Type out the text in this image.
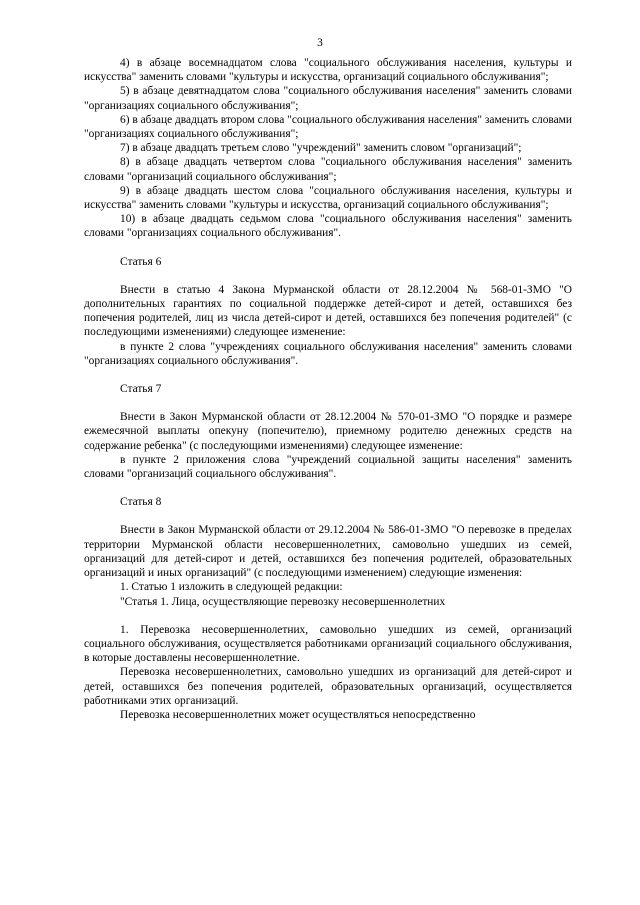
3
4) в абзаце восемнадцатом слова "социального обслуживания населения, культуры и искусства" заменить словами "культуры и искусства, организаций социального обслуживания";
5) в абзаце девятнадцатом слова "социального обслуживания населения" заменить словами "организациях социального обслуживания";
6) в абзаце двадцать втором слова "социального обслуживания населения" заменить словами "организациях социального обслуживания";
7) в абзаце двадцать третьем слово "учреждений" заменить словом "организаций";
8) в абзаце двадцать четвертом слова "социального обслуживания населения" заменить словами "организаций социального обслуживания";
9) в абзаце двадцать шестом слова "социального обслуживания населения, культуры и искусства" заменить словами "культуры и искусства, организаций социального обслуживания";
10) в абзаце двадцать седьмом слова "социального обслуживания населения" заменить словами "организациях социального обслуживания".
Статья 6
Внести в статью 4 Закона Мурманской области от 28.12.2004 № 568-01-ЗМО "О дополнительных гарантиях по социальной поддержке детей-сирот и детей, оставшихся без попечения родителей, лиц из числа детей-сирот и детей, оставшихся без попечения родителей" (с последующими изменениями) следующее изменение:
в пункте 2 слова "учреждениях социального обслуживания населения" заменить словами "организациях социального обслуживания".
Статья 7
Внести в Закон Мурманской области от 28.12.2004 № 570-01-ЗМО "О порядке и размере ежемесячной выплаты опекуну (попечителю), приемному родителю денежных средств на содержание ребенка" (с последующими изменениями) следующее изменение:
в пункте 2 приложения слова "учреждений социальной защиты населения" заменить словами "организаций социального обслуживания".
Статья 8
Внести в Закон Мурманской области от 29.12.2004 № 586-01-ЗМО "О перевозке в пределах территории Мурманской области несовершеннолетних, самовольно ушедших из семей, организаций для детей-сирот и детей, оставшихся без попечения родителей, образовательных организаций и иных организаций" (с последующими изменением) следующие изменения:
1. Статью 1 изложить в следующей редакции:
"Статья 1. Лица, осуществляющие перевозку несовершеннолетних
1. Перевозка несовершеннолетних, самовольно ушедших из семей, организаций социального обслуживания, осуществляется работниками организаций социального обслуживания, в которые доставлены несовершеннолетние.
Перевозка несовершеннолетних, самовольно ушедших из организаций для детей-сирот и детей, оставшихся без попечения родителей, образовательных организаций, осуществляется работниками этих организаций.
Перевозка несовершеннолетних может осуществляться непосредственно
